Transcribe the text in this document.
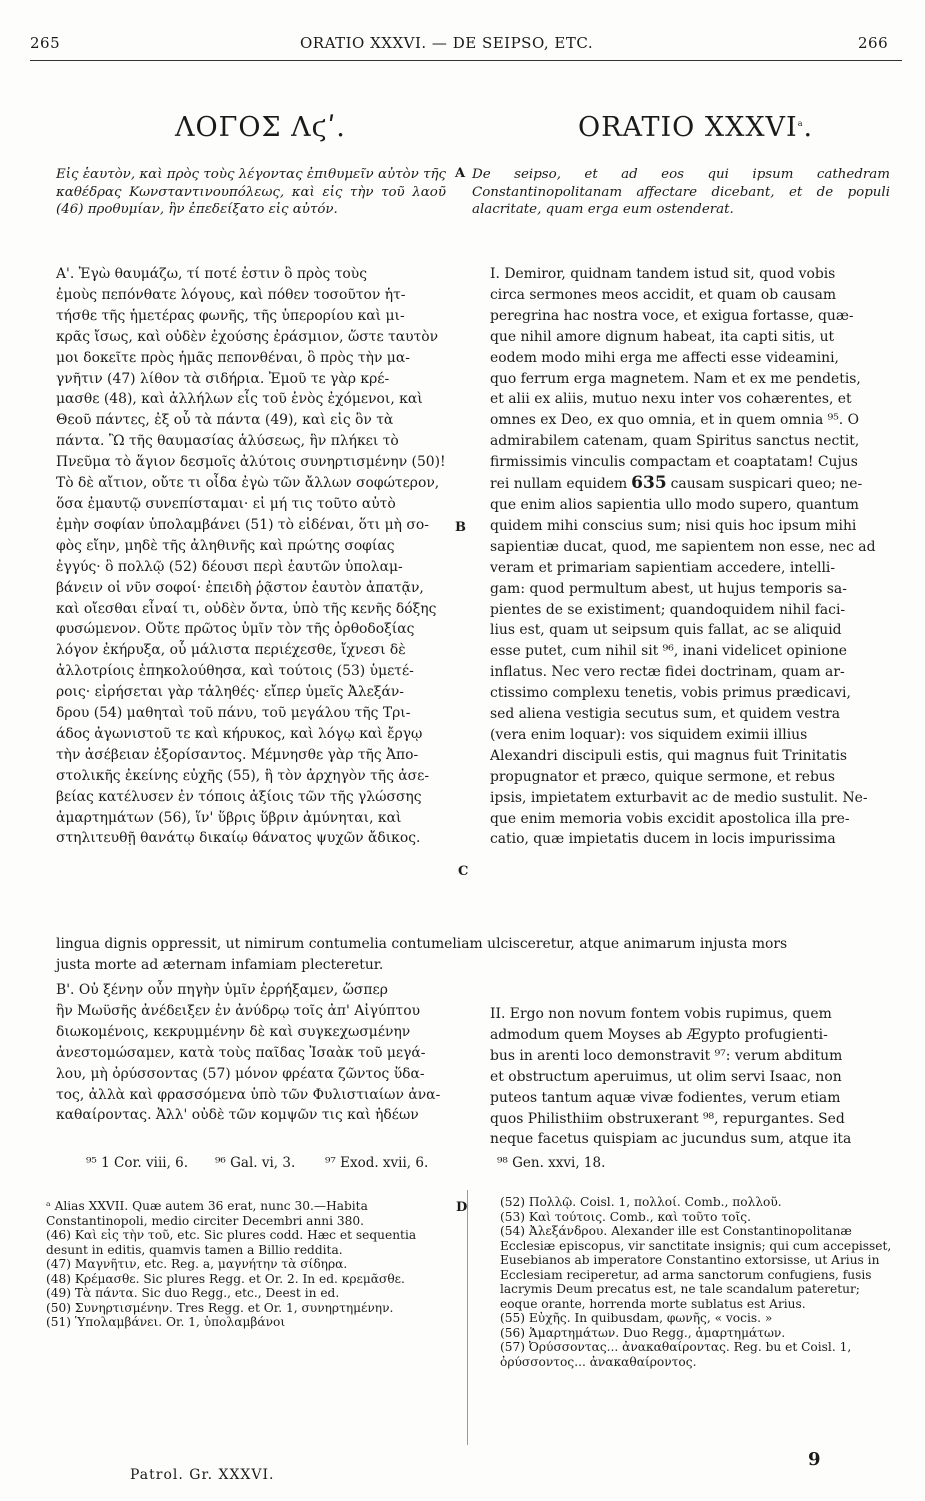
265	ORATIO XXXVI. — DE SEIPSO, ETC.	266
ΛΟΓΟΣ Λϛʹ.	ORATIO XXXVI$^a$.
Εἰς ἑαυτὸν, καὶ πρὸς τοὺς λέγοντας ἐπιθυμεῖν αὐτὸν τῆς καθέδρας Κωνσταντινουπόλεως, καὶ εἰς τὴν τοῦ λαοῦ (46) προθυμίαν, ἣν ἐπεδείξατο εἰς αὐτόν.
A De seipso, et ad eos qui ipsum cathedram Constantinopolitanam affectare dicebant, et de populi alacritate, quam erga eum ostenderat.
Α'. Ἐγὼ θαυμάζω, τί ποτέ ἐστιν ὃ πρὸς τοὺς
ἐμοὺς πεπόνθατε λόγους, καὶ πόθεν τοσοῦτον ἡτ-
τήσθε τῆς ἡμετέρας φωνῆς, τῆς ὑπερορίου καὶ μι-
κρᾶς ἴσως, καὶ οὐδὲν ἐχούσης ἐράσμιον, ὥστε ταυτὸν
μοι δοκεῖτε πρὸς ἡμᾶς πεπονθέναι, ὃ πρὸς τὴν μα-
γνῆτιν (47) λίθον τὰ σιδήρια. Ἐμοῦ τε γὰρ κρέ-
μασθε (48), καὶ ἀλλήλων εἷς τοῦ ἑνὸς ἐχόμενοι, καὶ
Θεοῦ πάντες, ἐξ οὗ τὰ πάντα (49), καὶ εἰς ὃν τὰ
πάντα. Ὢ τῆς θαυμασίας ἁλύσεως, ἣν πλήκει τὸ
Πνεῦμα τὸ ἅγιον δεσμοῖς ἀλύτοις συνηρτισμένην (50)!
Τὸ δὲ αἴτιον, οὔτε τι οἶδα ἐγὼ τῶν ἄλλων σοφώτερον,
ὅσα ἐμαυτῷ συνεπίσταμαι· εἰ μή τις τοῦτο αὐτὸ
ἐμὴν σοφίαν ὑπολαμβάνει (51) τὸ εἰδέναι, ὅτι μὴ σο-
φὸς εἴην, μηδὲ τῆς ἀληθινῆς καὶ πρώτης σοφίας
ἐγγύς· ὃ πολλῷ (52) δέουσι περὶ ἑαυτῶν ὑπολαμ-
βάνειν οἱ νῦν σοφοί· ἐπειδὴ ῥᾷστον ἑαυτὸν ἀπατᾷν,
καὶ οἴεσθαι εἶναί τι, οὐδὲν ὄντα, ὑπὸ τῆς κενῆς δόξης
φυσώμενον. Οὔτε πρῶτος ὑμῖν τὸν τῆς ὀρθοδοξίας
λόγον ἐκήρυξα, οὗ μάλιστα περιέχεσθε, ἴχνεσι δὲ
ἀλλοτρίοις ἐπηκολούθησα, καὶ τούτοις (53) ὑμετέ-
ροις· εἰρήσεται γὰρ τἀληθές· εἴπερ ὑμεῖς Ἀλεξάν-
δρου (54) μαθηταὶ τοῦ πάνυ, τοῦ μεγάλου τῆς Τρι-
άδος ἀγωνιστοῦ τε καὶ κήρυκος, καὶ λόγῳ καὶ ἔργῳ
τὴν ἀσέβειαν ἐξορίσαντος. Μέμνησθε γὰρ τῆς Ἀπο-
στολικῆς ἐκείνης εὐχῆς (55), ἣ τὸν ἀρχηγὸν τῆς ἀσε-
βείας κατέλυσεν ἐν τόποις ἀξίοις τῶν τῆς γλώσσης
ἁμαρτημάτων (56), ἵν' ὕβρις ὕβριν ἀμύνηται, καὶ
στηλιτευθῇ θανάτῳ δικαίῳ θάνατος ψυχῶν ἄδικος.
I. Demiror, quidnam tandem istud sit, quod vobis
circa sermones meos accidit, et quam ob causam
peregrina hac nostra voce, et exigua fortasse, quæ-
que nihil amore dignum habeat, ita capti sitis, ut
eodem modo mihi erga me affecti esse videamini,
quo ferrum erga magnetem. Nam et ex me pendetis,
et alii ex aliis, mutuo nexu inter vos cohærentes, et
omnes ex Deo, ex quo omnia, et in quem omnia ⁹⁵. O
admirabilem catenam, quam Spiritus sanctus nectit,
firmissimis vinculis compactam et coaptatam! Cujus
rei nullam equidem 635 causam suspicari queo; ne-
que enim alios sapientia ullo modo supero, quantum
quidem mihi conscius sum; nisi quis hoc ipsum mihi
sapientiæ ducat, quod, me sapientem non esse, nec ad
veram et primariam sapientiam accedere, intelli-
gam: quod permultum abest, ut hujus temporis sa-
pientes de se existiment; quandoquidem nihil faci-
lius est, quam ut seipsum quis fallat, ac se aliquid
esse putet, cum nihil sit ⁹⁶, inani videlicet opinione
inflatus. Nec vero rectæ fidei doctrinam, quam ar-
ctissimo complexu tenetis, vobis primus prædicavi,
sed aliena vestigia secutus sum, et quidem vestra
(vera enim loquar): vos siquidem eximii illius
Alexandri discipuli estis, qui magnus fuit Trinitatis
propugnator et præco, quique sermone, et rebus
ipsis, impietatem exturbavit ac de medio sustulit. Ne-
que enim memoria vobis excidit apostolica illa pre-
catio, quæ impietatis ducem in locis impurissima
B
C
lingua dignis oppressit, ut nimirum contumelia contumeliam ulcisceretur, atque animarum injusta mors
justa morte ad æternam infamiam plecteretur.
Β'. Οὐ ξένην οὖν πηγὴν ὑμῖν ἐρρήξαμεν, ὥσπερ
ἣν Μωϋσῆς ἀνέδειξεν ἐν ἀνύδρῳ τοῖς ἀπ' Αἰγύπτου
διωκομένοις, κεκρυμμένην δὲ καὶ συγκεχωσμένην
ἀνεστομώσαμεν, κατὰ τοὺς παῖδας Ἰσαὰκ τοῦ μεγά-
λου, μὴ ὀρύσσοντας (57) μόνον φρέατα ζῶντος ὕδα-
τος, ἀλλὰ καὶ φρασσόμενα ὑπὸ τῶν Φυλιστιαίων ἀνα-
καθαίροντας. Ἀλλ' οὐδὲ τῶν κομψῶν τις καὶ ἡδέων
II. Ergo non novum fontem vobis rupimus, quem
admodum quem Moyses ab Ægypto profugienti-
bus in arenti loco demonstravit ⁹⁷: verum abditum
et obstructum aperuimus, ut olim servi Isaac, non
puteos tantum aquæ vivæ fodientes, verum etiam
quos Philisthiim obstruxerant ⁹⁸, repurgantes. Sed
neque facetus quispiam ac jucundus sum, atque ita
⁹⁵ 1 Cor. viii, 6. ⁹⁶ Gal. vi, 3. ⁹⁷ Exod. xvii, 6.	⁹⁸ Gen. xxvi, 18.
D

ᵃ Alias XXVII. Quæ autem 36 erat, nunc 30.—Habita Constantinopoli, medio circiter Decembri anni 380.

(46) Καὶ εἰς τὴν τοῦ, etc. Sic plures codd. Hæc et sequentia desunt in editis, quamvis tamen a Billio reddita.

(47) Μαγνῆτιν, etc. Reg. a, μαγνήτην τὰ σίδηρα.

(48) Κρέμασθε. Sic plures Regg. et Or. 2. In ed. κρεμᾶσθε.

(49) Τὰ πάντα. Sic duo Regg., etc., Deest in ed.

(50) Συνηρτισμένην. Tres Regg. et Or. 1, συνηρτημένην.

(51) Ὑπολαμβάνει. Or. 1, ὑπολαμβάνοι

(52) Πολλῷ. Coisl. 1, πολλοί. Comb., πολλοῦ.

(53) Καὶ τούτοις. Comb., καὶ τοῦτο τοῖς.

(54) Ἀλεξάνδρου. Alexander ille est Constantinopolitanæ Ecclesiæ episcopus, vir sanctitate insignis; qui cum accepisset, Eusebianos ab imperatore Constantino extorsisse, ut Arius in Ecclesiam reciperetur, ad arma sanctorum confugiens, fusis lacrymis Deum precatus est, ne tale scandalum pateretur; eoque orante, horrenda morte sublatus est Arius.

(55) Εὐχῆς. In quibusdam, φωνῆς, « vocis. »

(56) Ἁμαρτημάτων. Duo Regg., ἁμαρτημάτων.

(57) Ὀρύσσοντας... ἀνακαθαίροντας. Reg. bu et Coisl. 1, ὀρύσσοντος... ἀνακαθαίροντος.

Patrol. Gr. XXXVI.
9
